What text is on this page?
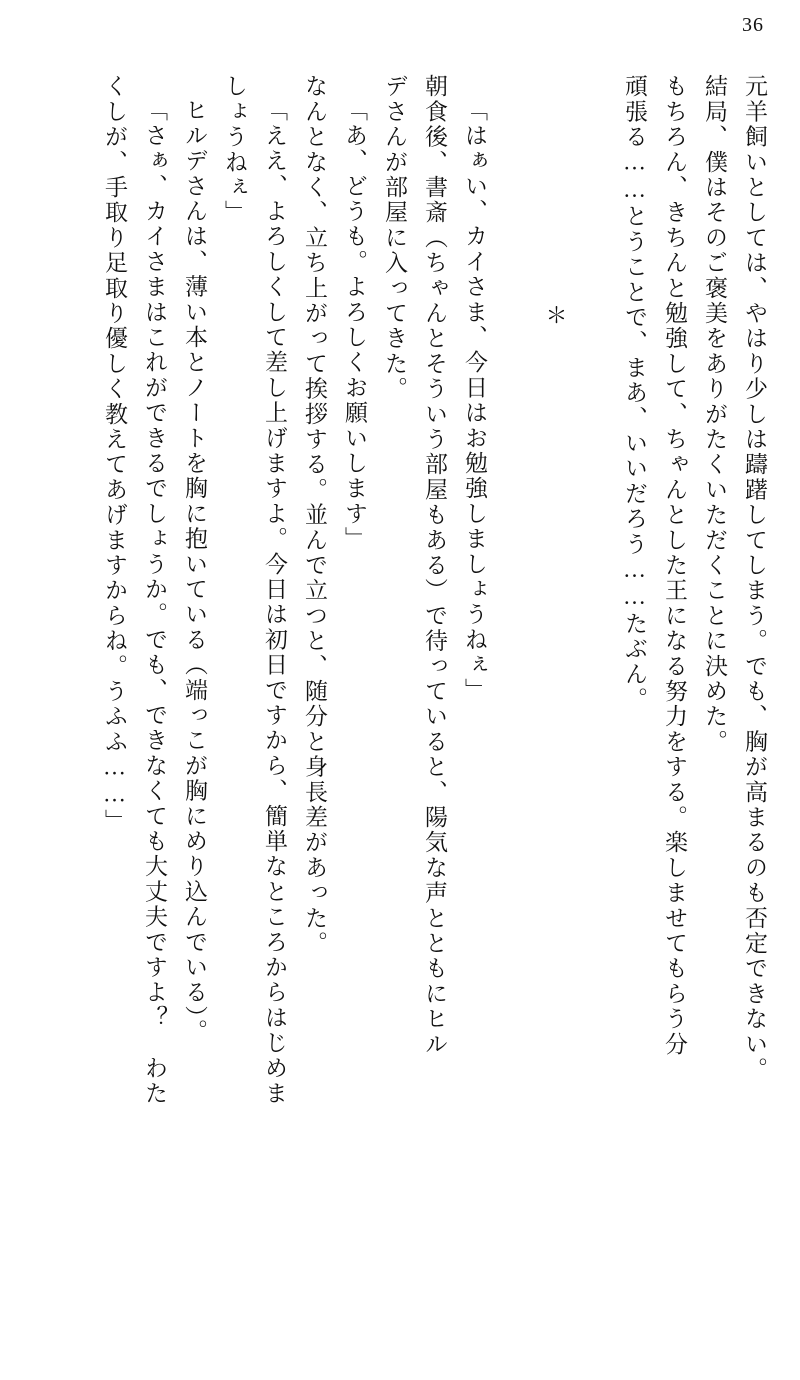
36
元羊飼いとしては、やはり少しは躊躇してしまう。でも、胸が高まるのも否定できない。
結局、僕はそのご褒美をありがたくいただくことに決めた。
もちろん、きちんと勉強して、ちゃんとした王になる努力をする。楽しませてもらう分
頑張る……とうことで、まあ、いいだろう……たぶん。
＊
「はぁい、カイさま、今日はお勉強しましょうねぇ」
朝食後、書斎（ちゃんとそういう部屋もある）で待っていると、陽気な声とともにヒル
デさんが部屋に入ってきた。
「あ、どうも。よろしくお願いします」
なんとなく、立ち上がって挨拶する。並んで立つと、随分と身長差があった。
「ええ、よろしくして差し上げますよ。今日は初日ですから、簡単なところからはじめま
しょうねぇ」
ヒルデさんは、薄い本とノートを胸に抱いている（端っこが胸にめり込んでいる）。
「さぁ、カイさまはこれができるでしょうか。でも、できなくても大丈夫ですよ？　わた
くしが、手取り足取り優しく教えてあげますからね。うふふ……」
